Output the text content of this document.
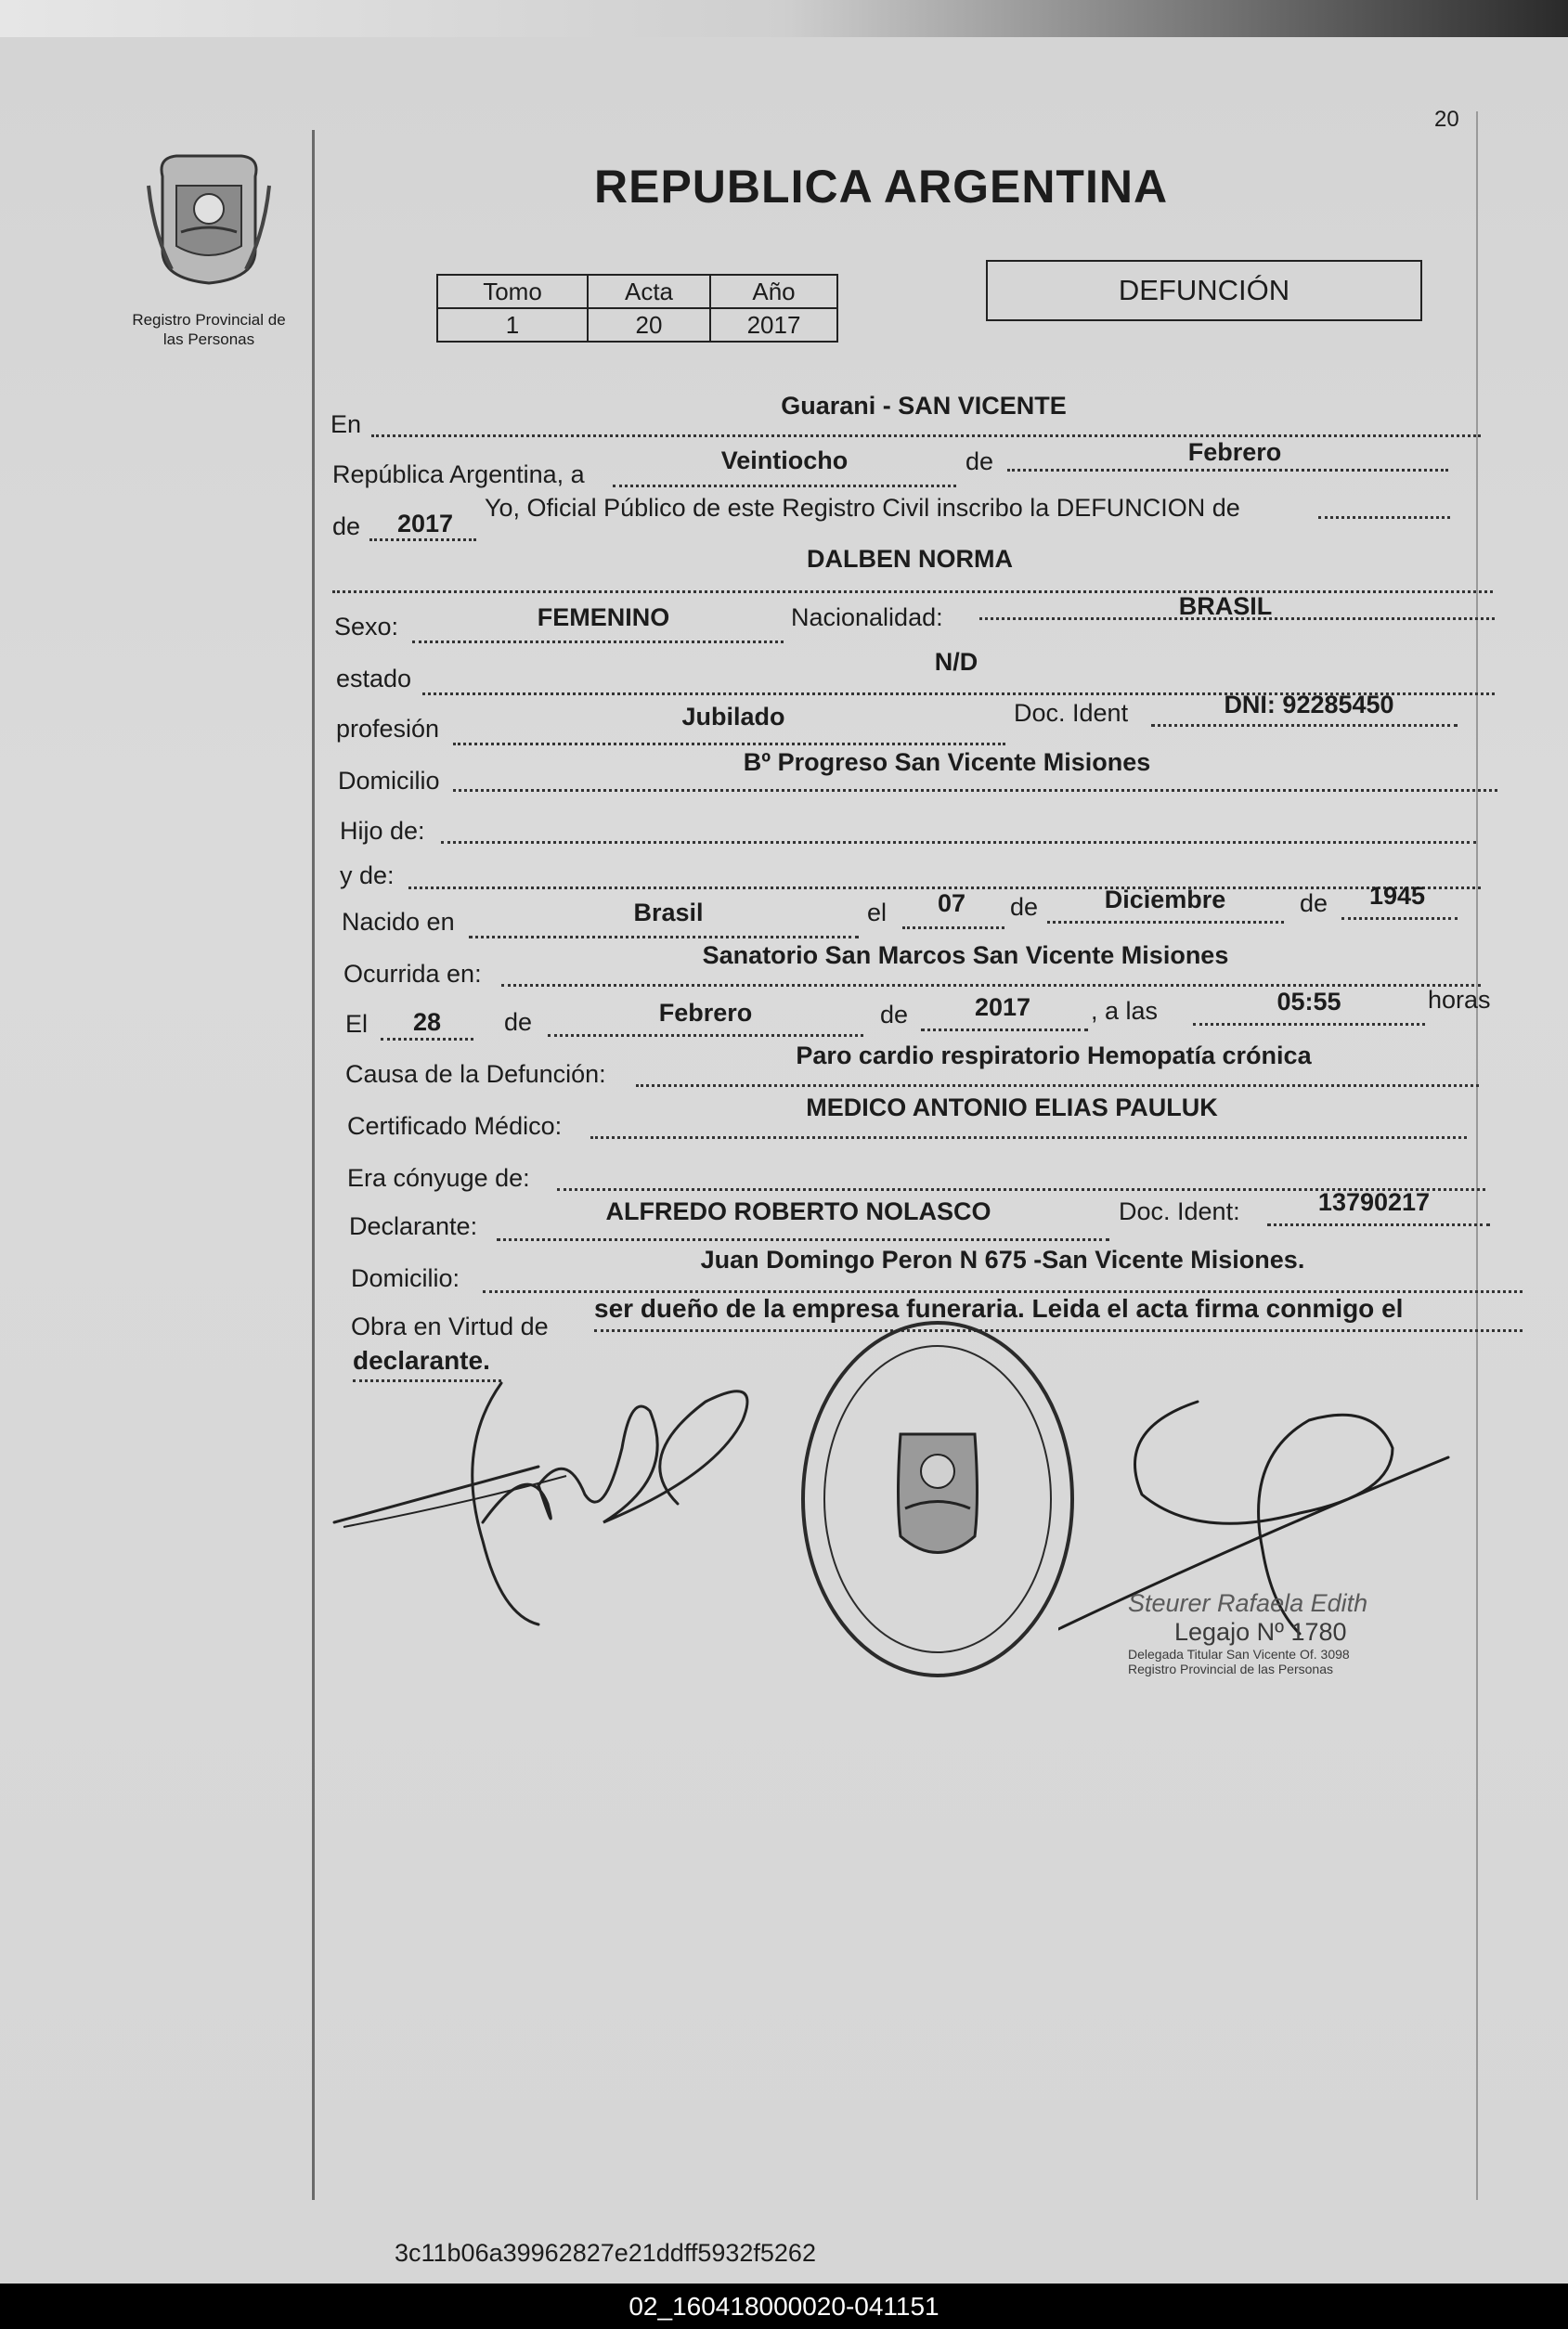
20
Registro Provincial de
las Personas
REPUBLICA ARGENTINA
Tomo	Acta	Año
1	20	2017
DEFUNCIÓN
En
Guarani - SAN VICENTE
República Argentina, a	Veintiocho	de	Febrero
de	2017
Yo, Oficial Público de este Registro Civil inscribo la DEFUNCION de
DALBEN NORMA
Sexo:	FEMENINO	Nacionalidad:	BRASIL
estado
N/D
profesión	Jubilado	Doc. Ident	DNI: 92285450
Domicilio
Bº Progreso San Vicente Misiones
Hijo de:
y de:
Nacido en	Brasil	el	07	de	Diciembre	de	1945
Ocurrida en:
Sanatorio San Marcos San Vicente Misiones
El	28	de	Febrero	de	2017	, a las	05:55	horas
Causa de la Defunción:
Paro cardio respiratorio Hemopatía crónica
Certificado Médico:
MEDICO ANTONIO ELIAS PAULUK
Era cónyuge de:
Declarante:
ALFREDO ROBERTO NOLASCO	Doc. Ident:	13790217
Domicilio:
Juan Domingo Peron N 675 -San Vicente Misiones.
Obra en Virtud de
ser dueño de la empresa funeraria. Leida el acta firma conmigo el
declarante.
Steurer Rafaela Edith
Legajo Nº 1780
Delegada Titular San Vicente Of. 3098
Registro Provincial de las Personas
3c11b06a39962827e21ddff5932f5262
02_160418000020-041151
